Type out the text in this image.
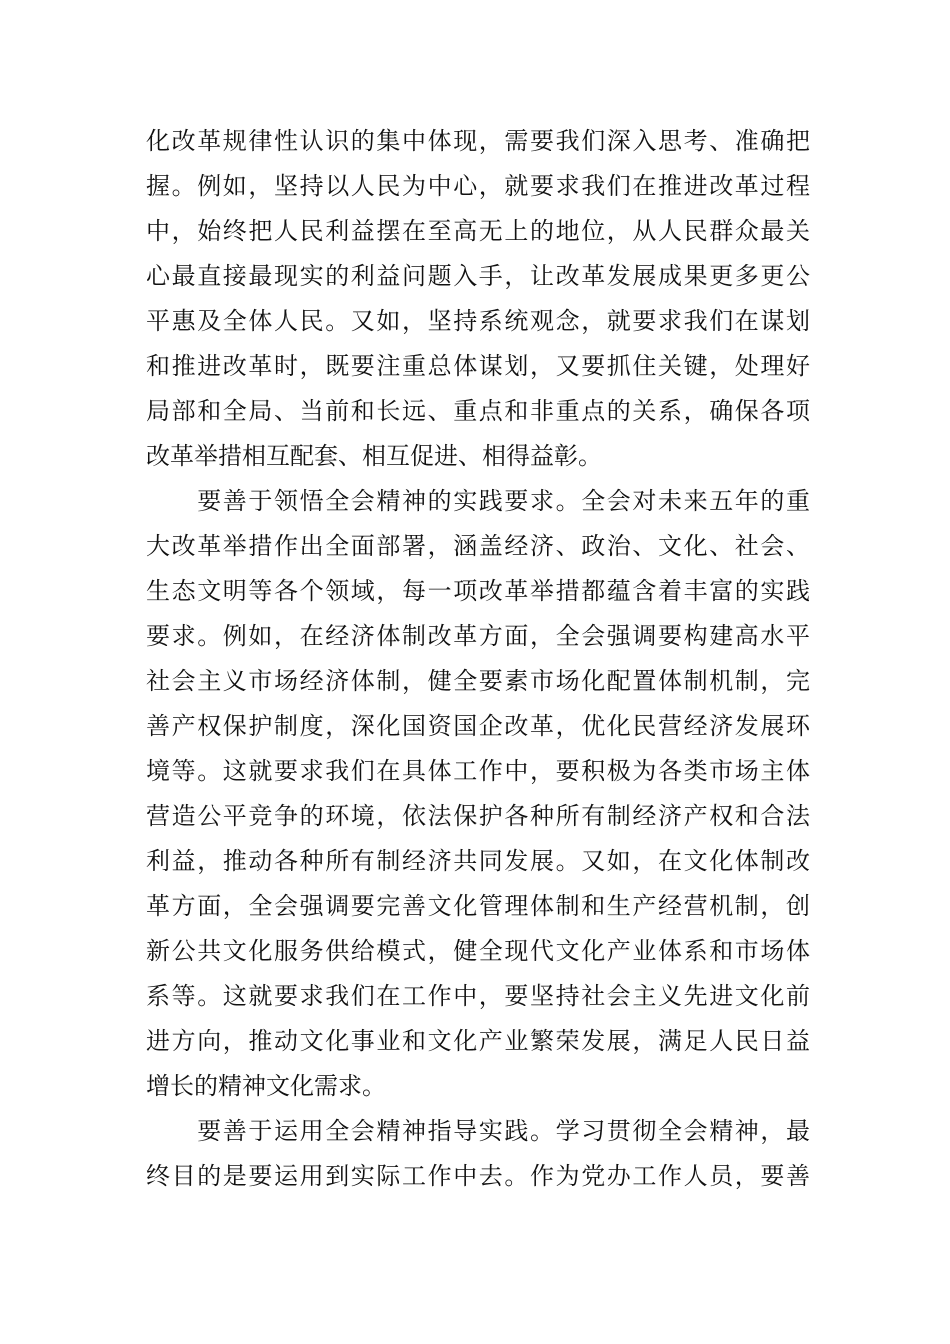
化改革规律性认识的集中体现，需要我们深入思考、准确把
握。例如，坚持以人民为中心，就要求我们在推进改革过程
中，始终把人民利益摆在至高无上的地位，从人民群众最关
心最直接最现实的利益问题入手，让改革发展成果更多更公
平惠及全体人民。又如，坚持系统观念，就要求我们在谋划
和推进改革时，既要注重总体谋划，又要抓住关键，处理好
局部和全局、当前和长远、重点和非重点的关系，确保各项
改革举措相互配套、相互促进、相得益彰。
　　要善于领悟全会精神的实践要求。全会对未来五年的重
大改革举措作出全面部署，涵盖经济、政治、文化、社会、
生态文明等各个领域，每一项改革举措都蕴含着丰富的实践
要求。例如，在经济体制改革方面，全会强调要构建高水平
社会主义市场经济体制，健全要素市场化配置体制机制，完
善产权保护制度，深化国资国企改革，优化民营经济发展环
境等。这就要求我们在具体工作中，要积极为各类市场主体
营造公平竞争的环境，依法保护各种所有制经济产权和合法
利益，推动各种所有制经济共同发展。又如，在文化体制改
革方面，全会强调要完善文化管理体制和生产经营机制，创
新公共文化服务供给模式，健全现代文化产业体系和市场体
系等。这就要求我们在工作中，要坚持社会主义先进文化前
进方向，推动文化事业和文化产业繁荣发展，满足人民日益
增长的精神文化需求。
　　要善于运用全会精神指导实践。学习贯彻全会精神，最
终目的是要运用到实际工作中去。作为党办工作人员，要善
